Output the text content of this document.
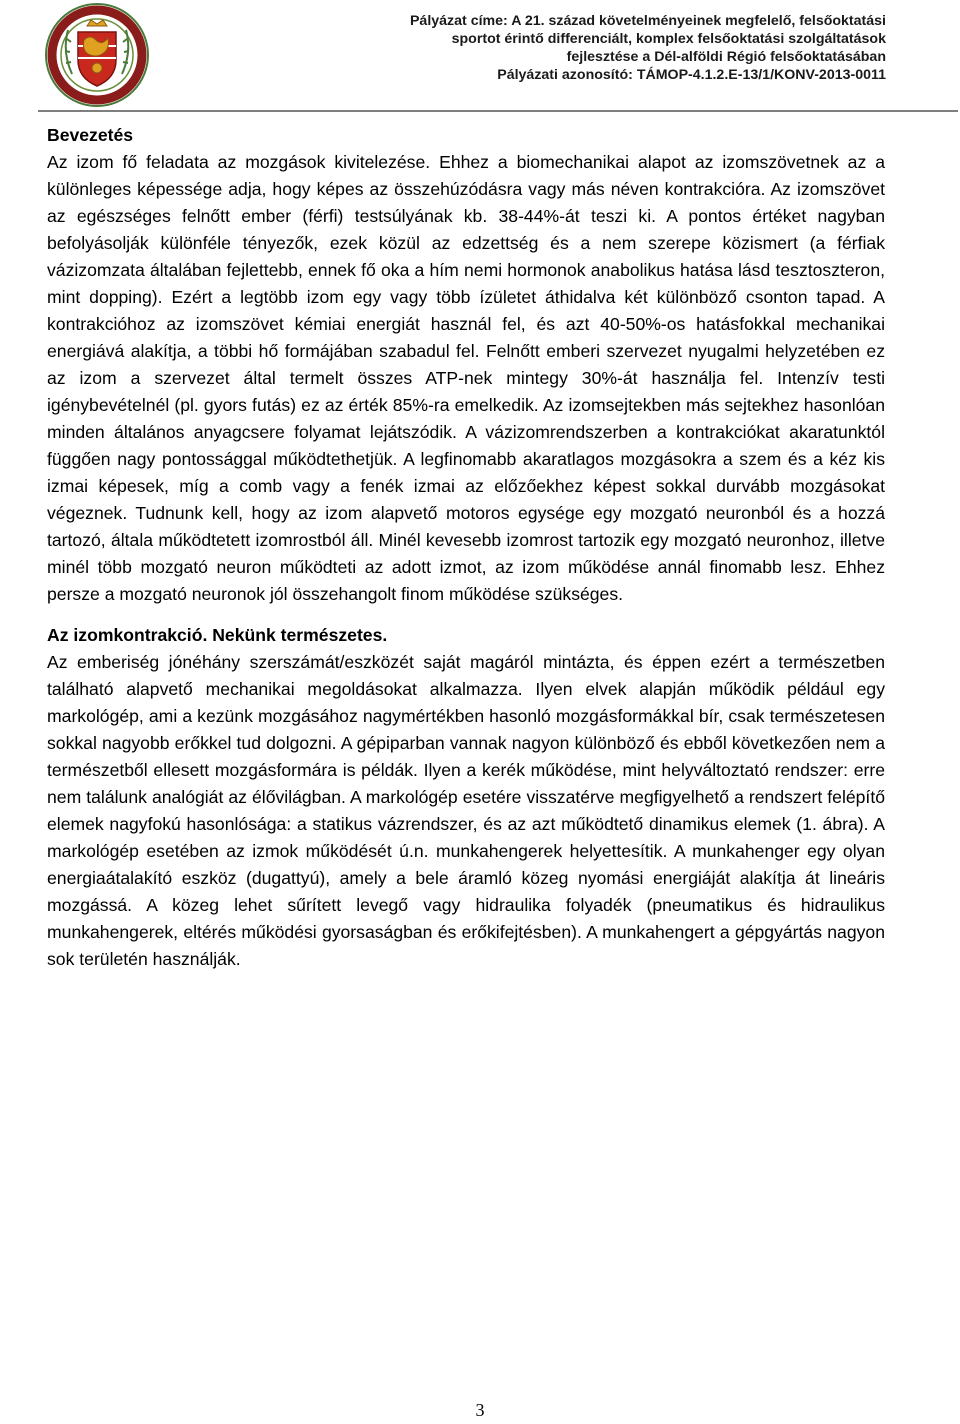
Pályázat címe: A 21. század követelményeinek megfelelő, felsőoktatási
sportot érintő differenciált, komplex felsőoktatási szolgáltatások
fejlesztése a Dél-alföldi Régió felsőoktatásában
Pályázati azonosító: TÁMOP-4.1.2.E-13/1/KONV-2013-0011
Bevezetés

Az izom fő feladata az mozgások kivitelezése. Ehhez a biomechanikai alapot az izomszövetnek az a különleges képessége adja, hogy képes az összehúzódásra vagy más néven kontrakcióra. Az izomszövet az egészséges felnőtt ember (férfi) testsúlyának kb. 38-44%-át teszi ki. A pontos értéket nagyban befolyásolják különféle tényezők, ezek közül az edzettség és a nem szerepe közismert (a férfiak vázizomzata általában fejlettebb, ennek fő oka a hím nemi hormonok anabolikus hatása lásd tesztoszteron, mint dopping). Ezért a legtöbb izom egy vagy több ízületet áthidalva két különböző csonton tapad. A kontrakcióhoz az izomszövet kémiai energiát használ fel, és azt 40-50%-os hatásfokkal mechanikai energiává alakítja, a többi hő formájában szabadul fel. Felnőtt emberi szervezet nyugalmi helyzetében ez az izom a szervezet által termelt összes ATP-nek mintegy 30%-át használja fel. Intenzív testi igénybevételnél (pl. gyors futás) ez az érték 85%-ra emelkedik. Az izomsejtekben más sejtekhez hasonlóan minden általános anyagcsere folyamat lejátszódik. A vázizomrendszerben a kontrakciókat akaratunktól függően nagy pontossággal működtethetjük. A legfinomabb akaratlagos mozgásokra a szem és a kéz kis izmai képesek, míg a comb vagy a fenék izmai az előzőekhez képest sokkal durvább mozgásokat végeznek. Tudnunk kell, hogy az izom alapvető motoros egysége egy mozgató neuronból és a hozzá tartozó, általa működtetett izomrostból áll. Minél kevesebb izomrost tartozik egy mozgató neuronhoz, illetve minél több mozgató neuron működteti az adott izmot, az izom működése annál finomabb lesz. Ehhez persze a mozgató neuronok jól összehangolt finom működése szükséges.

Az izomkontrakció. Nekünk természetes.

Az emberiség jónéhány szerszámát/eszközét saját magáról mintázta, és éppen ezért a természetben található alapvető mechanikai megoldásokat alkalmazza. Ilyen elvek alapján működik például egy markológép, ami a kezünk mozgásához nagymértékben hasonló mozgásformákkal bír, csak természetesen sokkal nagyobb erőkkel tud dolgozni. A gépiparban vannak nagyon különböző és ebből következően nem a természetből ellesett mozgásformára is példák. Ilyen a kerék működése, mint helyváltoztató rendszer: erre nem találunk analógiát az élővilágban. A markológép esetére visszatérve megfigyelhető a rendszert felépítő elemek nagyfokú hasonlósága: a statikus vázrendszer, és az azt működtető dinamikus elemek (1. ábra). A markológép esetében az izmok működését ú.n. munkahengerek helyettesítik. A munkahenger egy olyan energiaátalakító eszköz (dugattyú), amely a bele áramló közeg nyomási energiáját alakítja át lineáris mozgássá. A közeg lehet sűrített levegő vagy hidraulika folyadék (pneumatikus és hidraulikus munkahengerek, eltérés működési gyorsaságban és erőkifejtésben). A munkahengert a gépgyártás nagyon sok területén használják.

3
